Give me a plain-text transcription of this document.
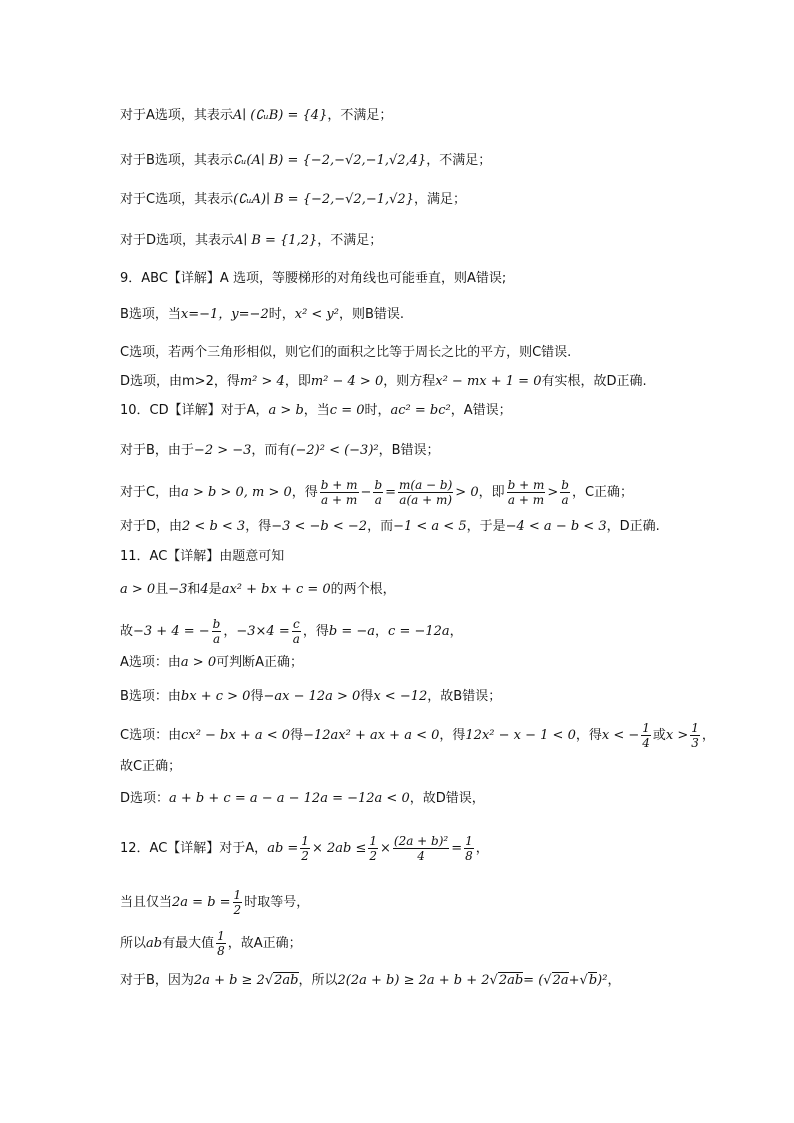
对于A选项，其表示A∣ (∁ᵤB) = {4}，不满足；
对于B选项，其表示∁ᵤ(A∣ B) = {−2,−√2,−1,√2,4}，不满足；
对于C选项，其表示(∁ᵤA)∣ B = {−2,−√2,−1,√2}，满足；
对于D选项，其表示A∣ B = {1,2}，不满足；
9．ABC【详解】A 选项，等腰梯形的对角线也可能垂直，则A错误;
B选项，当x=−1，y=−2时，x² < y²，则B错误.
C选项，若两个三角形相似，则它们的面积之比等于周长之比的平方，则C错误.
D选项，由m>2，得m² > 4，即m² − 4 > 0，则方程x² − mx + 1 = 0有实根，故D正确.
10．CD【详解】对于A，a > b，当c = 0时，ac² = bc²，A错误；
对于B，由于−2 > −3，而有(−2)² < (−3)²，B错误；
对于C，由a > b > 0, m > 0，得 $\frac{b + m}{a + m} - \frac{b}{a} = \frac{m(a - b)}{a(a + m)} > 0$，即 $\frac{b + m}{a + m} > \frac{b}{a}$ ，C正确；
对于D，由2 < b < 3，得−3 < −b < −2，而−1 < a < 5，于是−4 < a − b < 3，D正确.
11．AC【详解】由题意可知
a > 0且−3和4是ax² + bx + c = 0的两个根，
故−3 + 4 = − $\frac{b}{a}$ ，$-3\times 4 = \frac{c}{a}$ ，得b = −a，c = −12a，
A选项：由a > 0可判断A正确；
B选项：由bx + c > 0得−ax − 12a > 0得x < −12，故B错误；
C选项：由cx² − bx + a < 0得−12ax² + ax + a < 0，得12x² − x − 1 < 0，得x < − $\frac{1}{4}$ 或$x > \frac{1}{3}$ ，
故C正确；
D选项：a + b + c = a − a − 12a = −12a < 0，故D错误，
12．AC【详解】对于A，ab = $\frac{1}{2} \times 2ab \le \frac{1}{2} \times \frac{\text{(2a + b)²}}{4} = \frac{1}{8}$ ，
当且仅当$2a = b = \frac{1}{2}$ 时取等号，
所以ab有最大值 $\frac{1}{8}$ ，故A正确；
对于B，因为2a + b ≥ 2√2ab，所以2(2a + b) ≥ 2a + b + 2√2ab= (√2a+√b)²，
